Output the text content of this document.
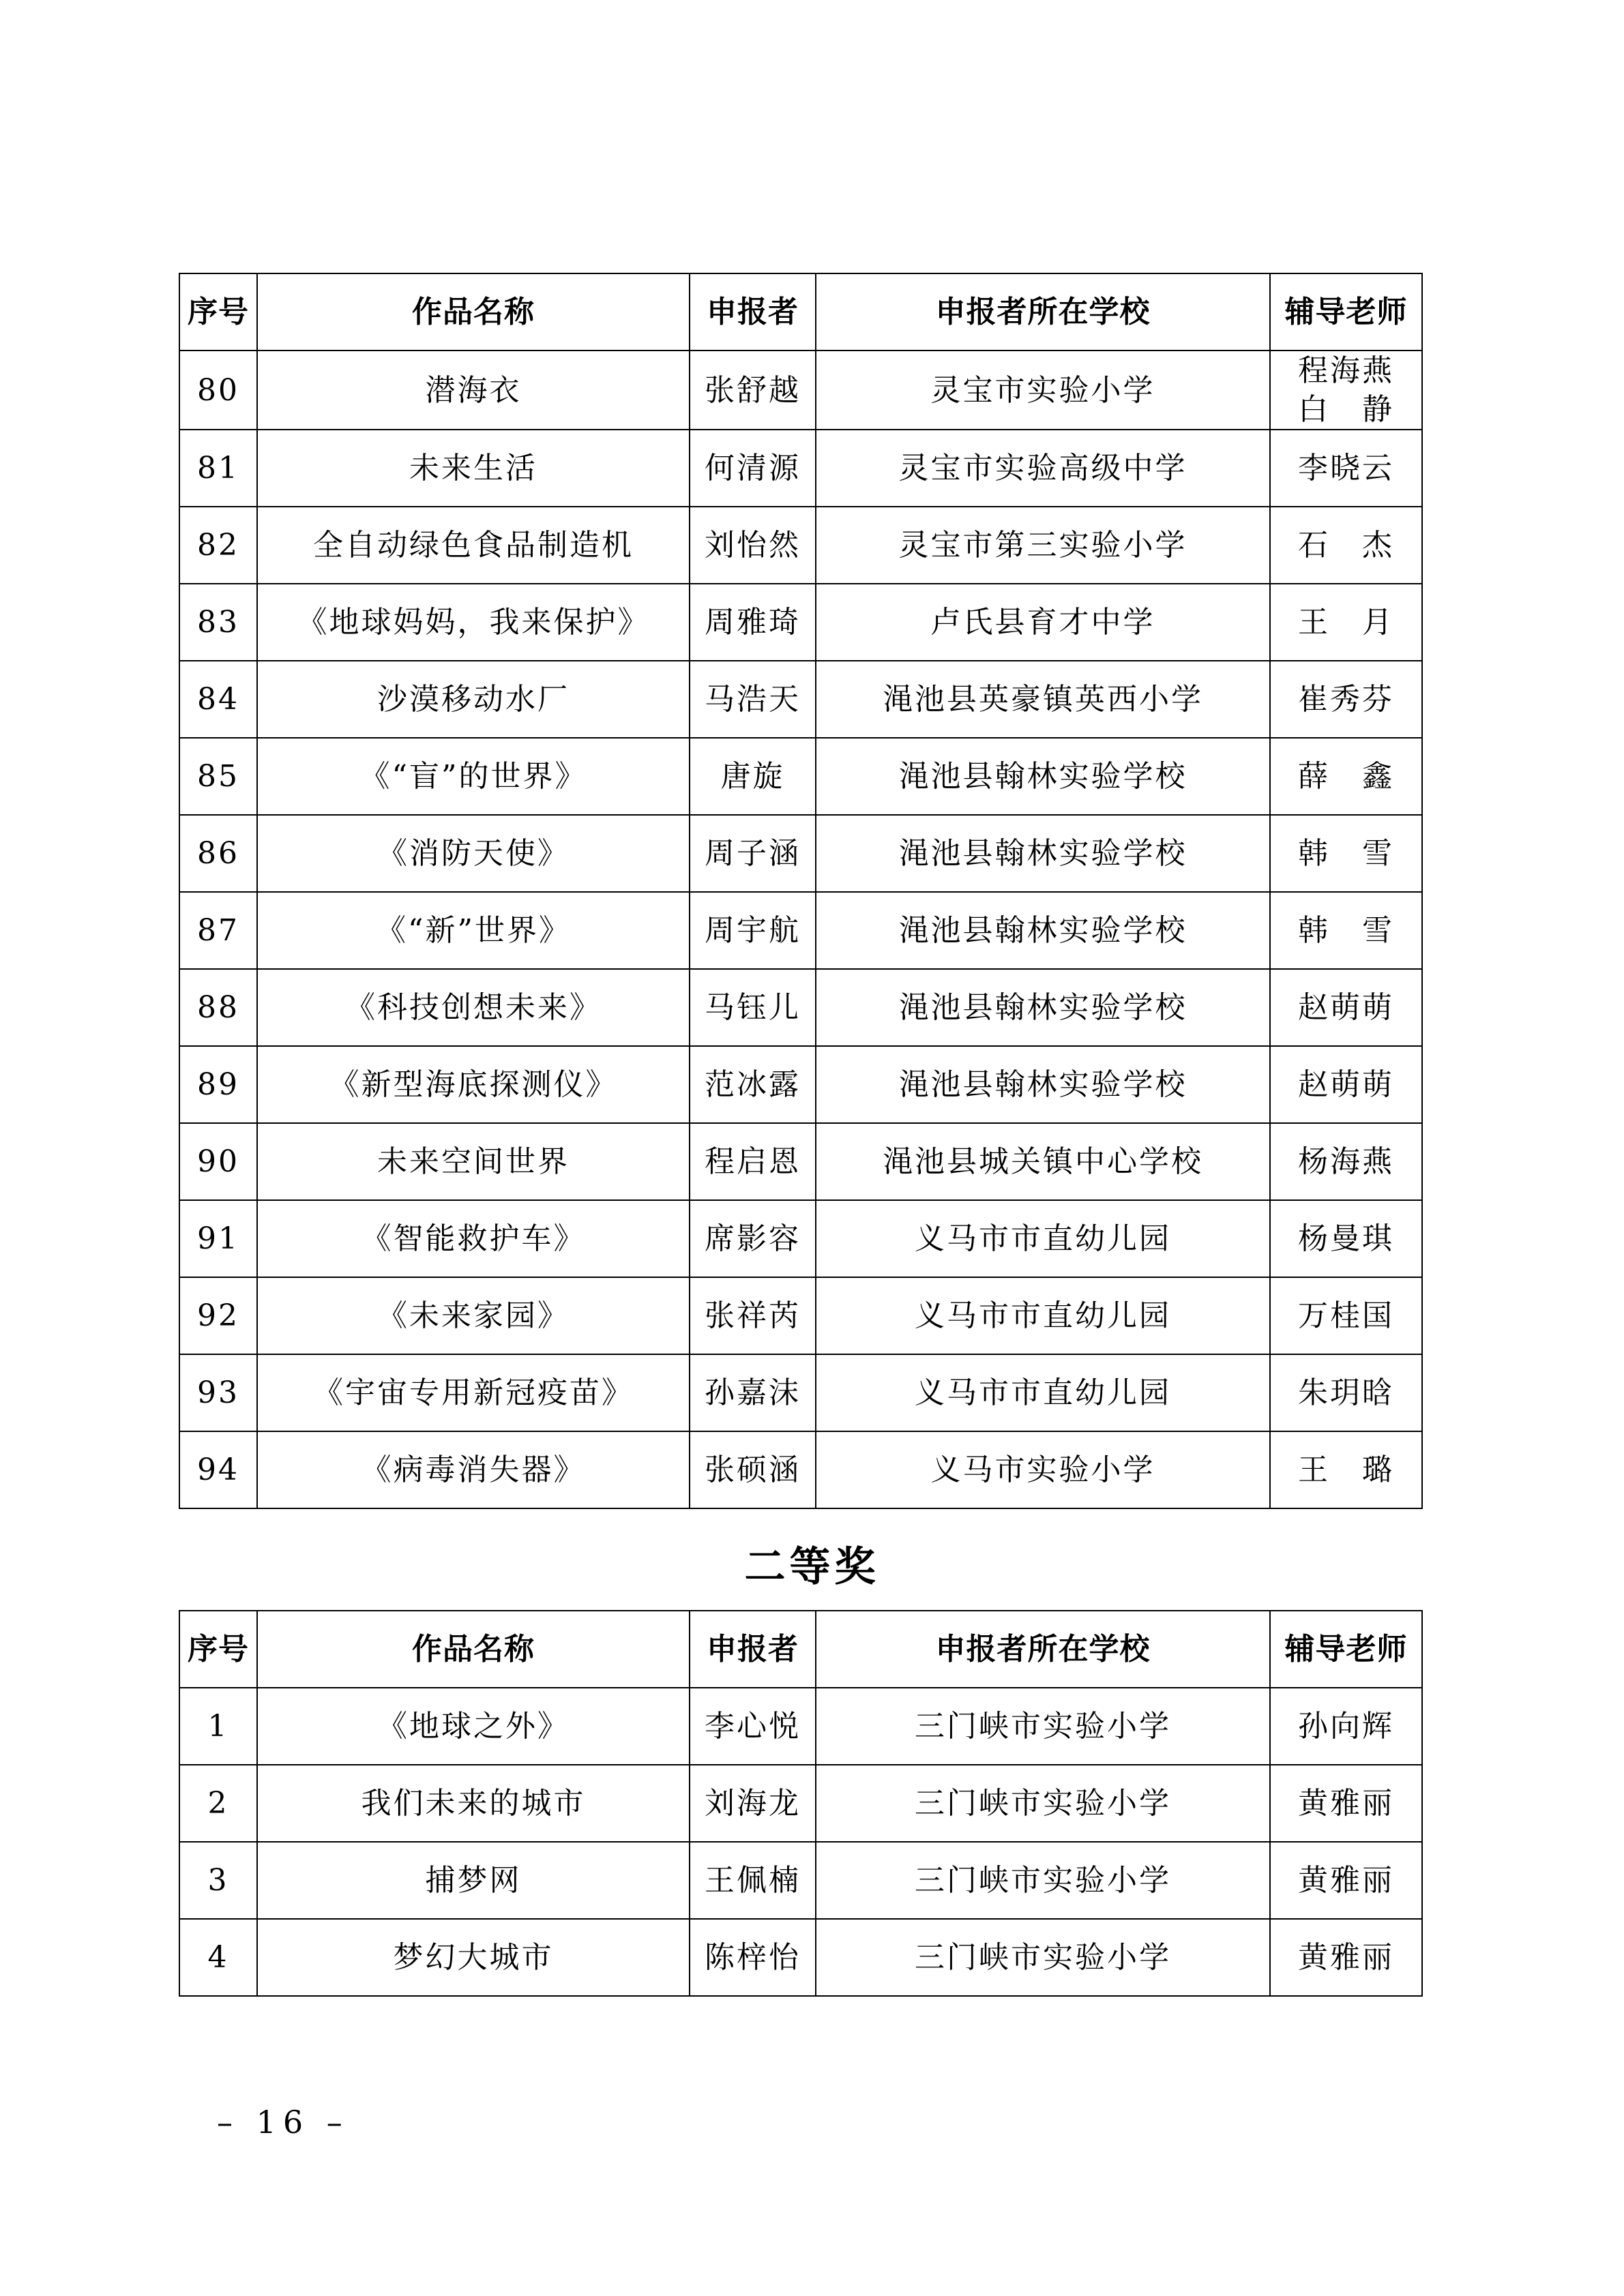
序号	作品名称	申报者	申报者所在学校	辅导老师
80	潜海衣	张舒越	灵宝市实验小学	程海燕
白　静

81	未来生活	何清源	灵宝市实验高级中学	李晓云

82	全自动绿色食品制造机	刘怡然	灵宝市第三实验小学	石　杰

83	《地球妈妈，我来保护》	周雅琦	卢氏县育才中学	王　月

84	沙漠移动水厂	马浩天	渑池县英豪镇英西小学	崔秀芬

85	《“盲”的世界》	唐旋	渑池县翰林实验学校	薛　鑫

86	《消防天使》	周子涵	渑池县翰林实验学校	韩　雪

87	《“新”世界》	周宇航	渑池县翰林实验学校	韩　雪

88	《科技创想未来》	马钰儿	渑池县翰林实验学校	赵萌萌

89	《新型海底探测仪》	范冰露	渑池县翰林实验学校	赵萌萌

90	未来空间世界	程启恩	渑池县城关镇中心学校	杨海燕

91	《智能救护车》	席影容	义马市市直幼儿园	杨曼琪

92	《未来家园》	张祥芮	义马市市直幼儿园	万桂国

93	《宇宙专用新冠疫苗》	孙嘉沫	义马市市直幼儿园	朱玥晗

94	《病毒消失器》	张硕涵	义马市实验小学	王　璐
二等奖
序号	作品名称	申报者	申报者所在学校	辅导老师
1	《地球之外》	李心悦	三门峡市实验小学	孙向辉

2	我们未来的城市	刘海龙	三门峡市实验小学	黄雅丽

3	捕梦网	王佩楠	三门峡市实验小学	黄雅丽

4	梦幻大城市	陈梓怡	三门峡市实验小学	黄雅丽
– 16 –
